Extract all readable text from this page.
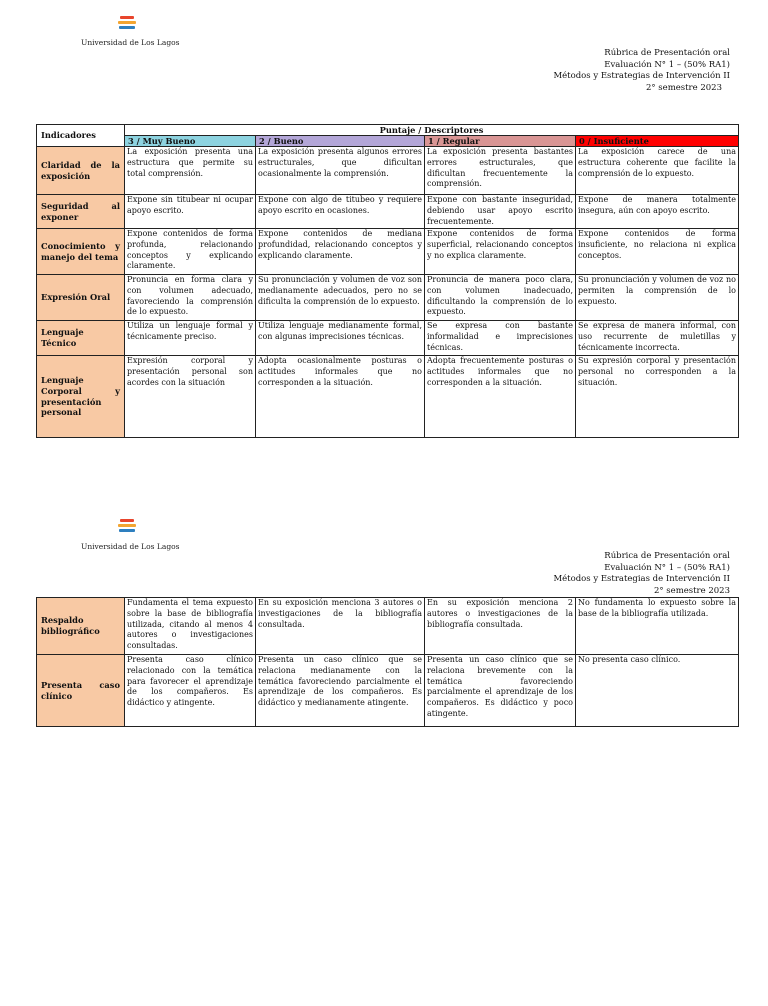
Universidad de Los Lagos
Rúbrica de Presentación oral
Evaluación N° 1 – (50% RA1)
Métodos y Estrategias de Intervención II
2° semestre 2023
Indicadores	Puntaje / Descriptores			
	3 / Muy Bueno	2 / Bueno	1 / Regular	0 / Insuficiente
Claridad de la exposición	La exposición presenta una estructura que permite su total comprensión.	La exposición presenta algunos errores estructurales, que dificultan ocasionalmente la comprensión.	La exposición presenta bastantes errores estructurales, que dificultan frecuentemente la comprensión.	La exposición carece de una estructura coherente que facilite la comprensión de lo expuesto.
Seguridad al exponer	Expone sin titubear ni ocupar apoyo escrito.	Expone con algo de titubeo y requiere apoyo escrito en ocasiones.	Expone con bastante inseguridad, debiendo usar apoyo escrito frecuentemente.	Expone de manera totalmente insegura, aún con apoyo escrito.
Conocimiento y manejo del tema	Expone contenidos de forma profunda, relacionando conceptos y explicando claramente.	Expone contenidos de mediana profundidad, relacionando conceptos y explicando claramente.	Expone contenidos de forma superficial, relacionando conceptos y no explica claramente.	Expone contenidos de forma insuficiente, no relaciona ni explica conceptos.
Expresión Oral	Pronuncia en forma clara y con volumen adecuado, favoreciendo la comprensión de lo expuesto.	Su pronunciación y volumen de voz son medianamente adecuados, pero no se dificulta la comprensión de lo expuesto.	Pronuncia de manera poco clara, con volumen inadecuado, dificultando la comprensión de lo expuesto.	Su pronunciación y volumen de voz no permiten la comprensión de lo expuesto.
Lenguaje Técnico	Utiliza un lenguaje formal y técnicamente preciso.	Utiliza lenguaje medianamente formal, con algunas imprecisiones técnicas.	Se expresa con bastante informalidad e imprecisiones técnicas.	Se expresa de manera informal, con uso recurrente de muletillas y técnicamente incorrecta.
Lenguaje Corporal y presentación personal	Expresión corporal y presentación personal son acordes con la situación	Adopta ocasionalmente posturas o actitudes informales que no corresponden a la situación.	Adopta frecuentemente posturas o actitudes informales que no corresponden a la situación.	Su expresión corporal y presentación personal no corresponden a la situación.
Universidad de Los Lagos
Rúbrica de Presentación oral
Evaluación N° 1 – (50% RA1)
Métodos y Estrategias de Intervención II
2° semestre 2023
Respaldo bibliográfico	Fundamenta el tema expuesto sobre la base de bibliografía utilizada, citando al menos 4 autores o investigaciones consultadas.	En su exposición menciona 3 autores o investigaciones de la bibliografía consultada.	En su exposición menciona 2 autores o investigaciones de la bibliografía consultada.	No fundamenta lo expuesto sobre la base de la bibliografía utilizada.
Presenta caso clínico	Presenta caso clínico relacionado con la temática para favorecer el aprendizaje de los compañeros. Es didáctico y atingente.	Presenta un caso clínico que se relaciona medianamente con la temática favoreciendo parcialmente el aprendizaje de los compañeros. Es didáctico y medianamente atingente.	Presenta un caso clínico que se relaciona brevemente con la temática favoreciendo parcialmente el aprendizaje de los compañeros. Es didáctico y poco atingente.	No presenta caso clínico.
